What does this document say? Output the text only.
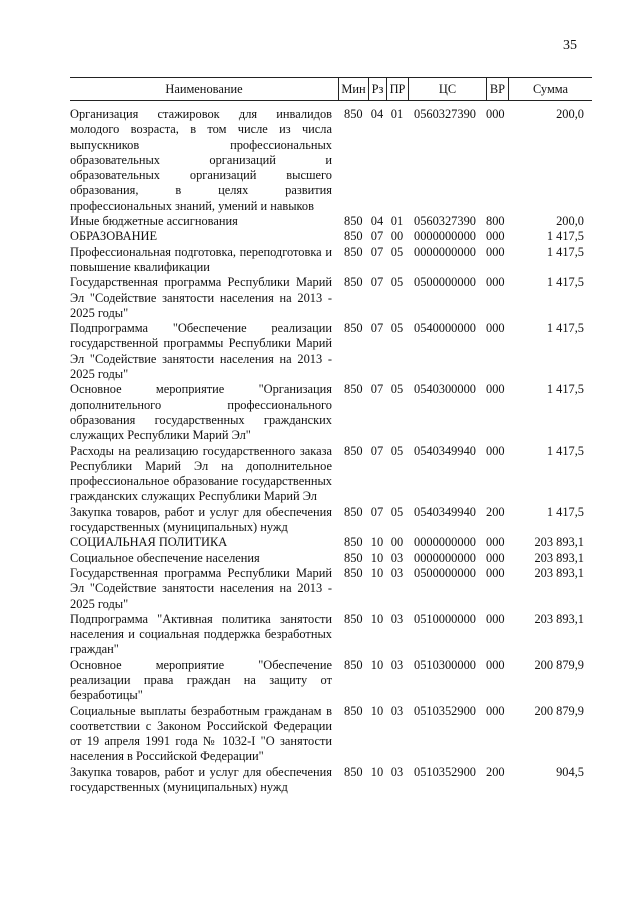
35
Наименование	Мин Рз ПР	ЦС	ВР	Сумма
Организация стажировок для инвалидов молодого возраста, в том числе из числа выпускников профессиональных образовательных организаций и образовательных организаций высшего образования, в целях развития профессиональных знаний, умений и навыков
850 04 01 0560327390 000	200,0
Иные бюджетные ассигнования	850 04 01 0560327390 800	200,0
ОБРАЗОВАНИЕ	850 07 00 0000000000 000	1 417,5
Профессиональная подготовка, переподготовка и повышение квалификации
850 07 05 0000000000 000	1 417,5
Государственная программа Республики Марий Эл "Содействие занятости населения на 2013 - 2025 годы"
850 07 05 0500000000 000	1 417,5
Подпрограмма "Обеспечение реализации государственной программы Республики Марий Эл "Содействие занятости населения на 2013 - 2025 годы"
850 07 05 0540000000 000	1 417,5
Основное мероприятие "Организация дополнительного профессионального образования государственных гражданских служащих Республики Марий Эл"
850 07 05 0540300000 000	1 417,5
Расходы на реализацию государственного заказа Республики Марий Эл на дополнительное профессиональное образование государственных гражданских служащих Республики Марий Эл
850 07 05 0540349940 000	1 417,5
Закупка товаров, работ и услуг для обеспечения государственных (муниципальных) нужд
850 07 05 0540349940 200	1 417,5
СОЦИАЛЬНАЯ ПОЛИТИКА	850 10 00 0000000000 000	203 893,1
Социальное обеспечение населения	850 10 03 0000000000 000	203 893,1
Государственная программа Республики Марий Эл "Содействие занятости населения на 2013 - 2025 годы"
850 10 03 0500000000 000	203 893,1
Подпрограмма "Активная политика занятости населения и социальная поддержка безработных граждан"
850 10 03 0510000000 000	203 893,1
Основное мероприятие "Обеспечение реализации права граждан на защиту от безработицы"
850 10 03 0510300000 000	200 879,9
Социальные выплаты безработным гражданам в соответствии с Законом Российской Федерации от 19 апреля 1991 года № 1032-I "О занятости населения в Российской Федерации"
850 10 03 0510352900 000	200 879,9
Закупка товаров, работ и услуг для обеспечения государственных (муниципальных) нужд
850 10 03 0510352900 200	904,5
